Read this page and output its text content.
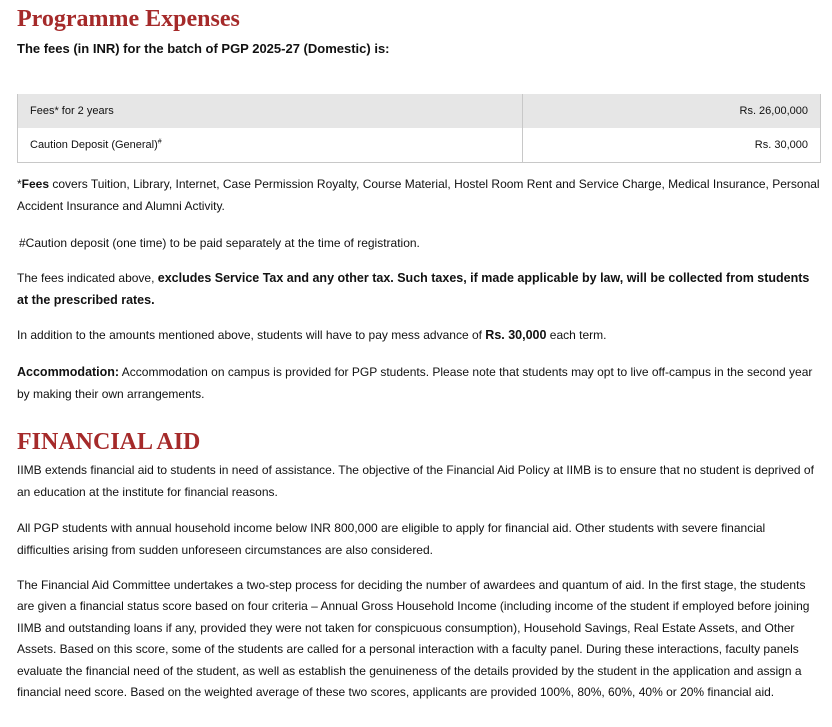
Programme Expenses

The fees (in INR) for the batch of PGP 2025-27 (Domestic) is:

Fees* for 2 years	Rs. 26,00,000
Caution Deposit (General)#	Rs. 30,000

*Fees covers Tuition, Library, Internet, Case Permission Royalty, Course Material, Hostel Room Rent and Service Charge, Medical Insurance, Personal Accident Insurance and Alumni Activity.

#Caution deposit (one time) to be paid separately at the time of registration.

The fees indicated above, excludes Service Tax and any other tax. Such taxes, if made applicable by law, will be collected from students at the prescribed rates.

In addition to the amounts mentioned above, students will have to pay mess advance of Rs. 30,000 each term.

Accommodation: Accommodation on campus is provided for PGP students. Please note that students may opt to live off-campus in the second year by making their own arrangements.

FINANCIAL AID

IIMB extends financial aid to students in need of assistance. The objective of the Financial Aid Policy at IIMB is to ensure that no student is deprived of an education at the institute for financial reasons.

All PGP students with annual household income below INR 800,000 are eligible to apply for financial aid. Other students with severe financial difficulties arising from sudden unforeseen circumstances are also considered.

The Financial Aid Committee undertakes a two-step process for deciding the number of awardees and quantum of aid. In the first stage, the students are given a financial status score based on four criteria – Annual Gross Household Income (including income of the student if employed before joining IIMB and outstanding loans if any, provided they were not taken for conspicuous consumption), Household Savings, Real Estate Assets, and Other Assets. Based on this score, some of the students are called for a personal interaction with a faculty panel. During these interactions, faculty panels evaluate the financial need of the student, as well as establish the genuineness of the details provided by the student in the application and assign a financial need score. Based on the weighted average of these two scores, applicants are provided 100%, 80%, 60%, 40% or 20% financial aid.
